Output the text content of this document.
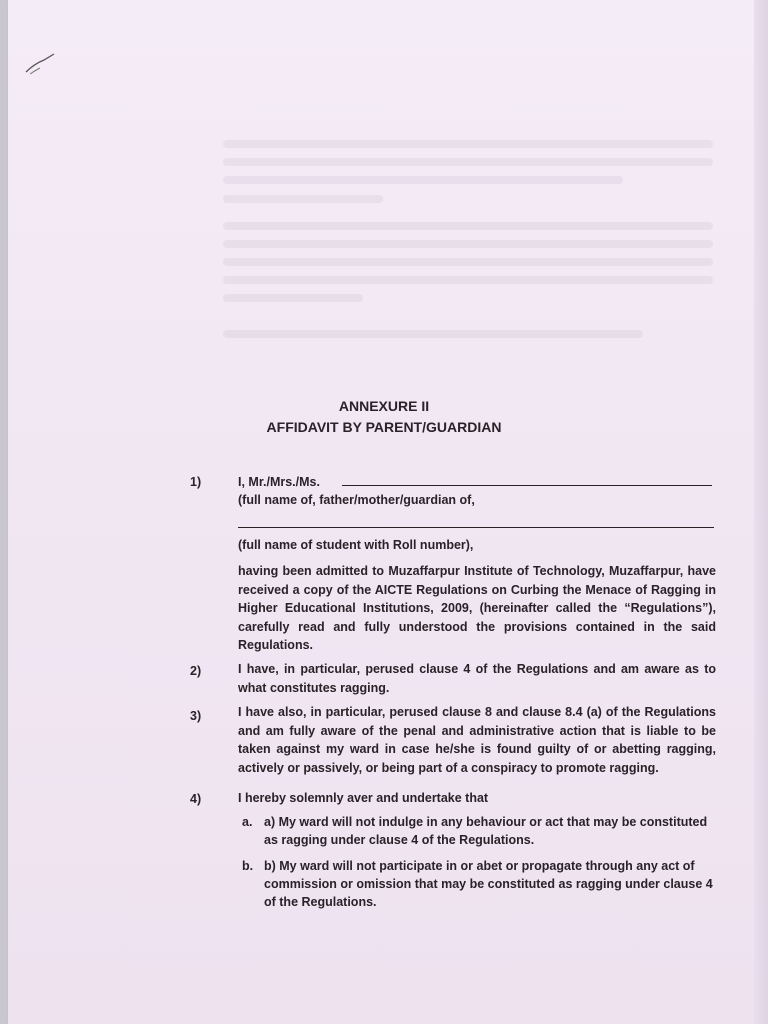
ANNEXURE II
AFFIDAVIT BY PARENT/GUARDIAN
1)	I, Mr./Mrs./Ms.
(full name of, father/mother/guardian of,
(full name of student with Roll number),
having been admitted to Muzaffarpur Institute of Technology, Muzaffarpur, have received a copy of the AICTE Regulations on Curbing the Menace of Ragging in Higher Educational Institutions, 2009, (hereinafter called the “Regulations”), carefully read and fully understood the provisions contained in the said Regulations.
2)	I have, in particular, perused clause 4 of the Regulations and am aware as to what constitutes ragging.
3)	I have also, in particular, perused clause 8 and clause 8.4 (a) of the Regulations and am fully aware of the penal and administrative action that is liable to be taken against my ward in case he/she is found guilty of or abetting ragging, actively or passively, or being part of a conspiracy to promote ragging.
4)	I hereby solemnly aver and undertake that
a. a) My ward will not indulge in any behaviour or act that may be constituted as ragging under clause 4 of the Regulations.
b. b) My ward will not participate in or abet or propagate through any act of commission or omission that may be constituted as ragging under clause 4 of the Regulations.
